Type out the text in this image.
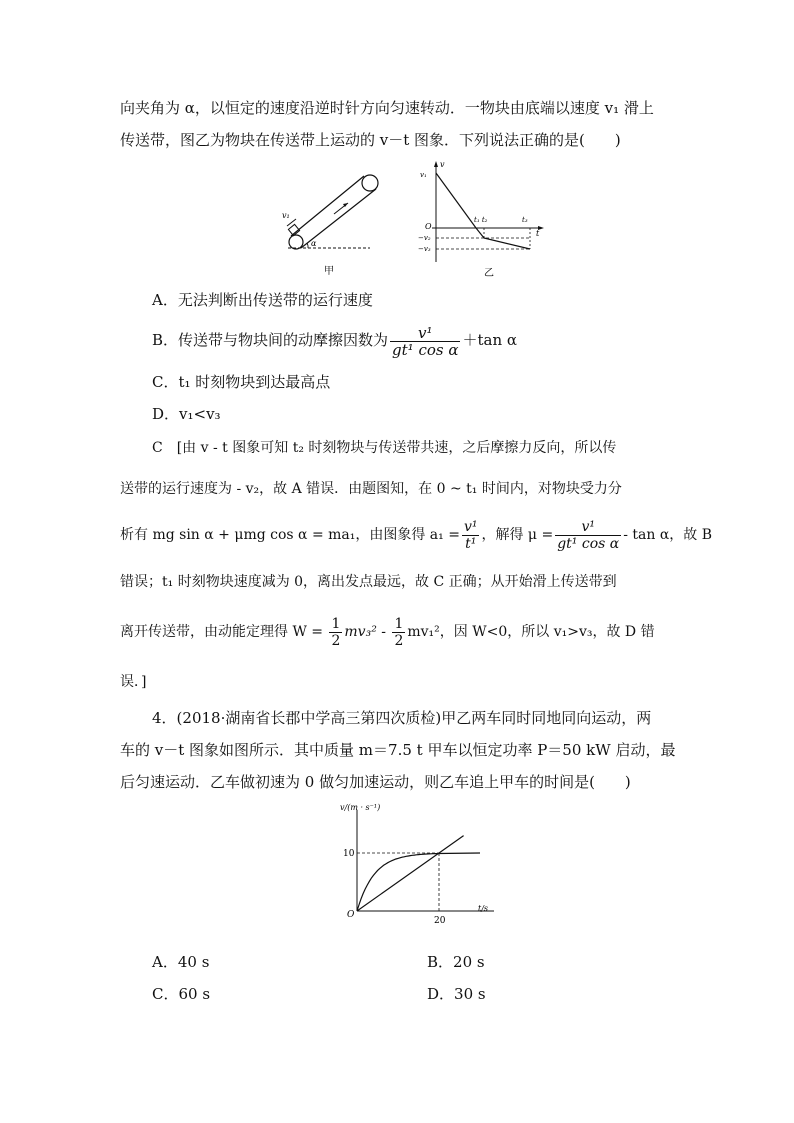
向夹角为 α，以恒定的速度沿逆时针方向匀速转动．一物块由底端以速度 v₁ 滑上
传送带，图乙为物块在传送带上运动的 v－t 图象．下列说法正确的是(　　)
v₁
α
甲
v
t
O
v₁
−v₂
−v₃
t₁ t₂	t₃
乙
A．无法判断出传送带的运行速度
B．传送带与物块间的动摩擦因数为 $\frac{\text{v¹}}{\text{gt¹ cos α}} +\tan$ α
C．t₁ 时刻物块到达最高点
D．v₁<v₃
C　[由 v - t 图象可知 t₂ 时刻物块与传送带共速，之后摩擦力反向，所以传
送带的运行速度为 - v₂，故 A 错误．由题图知，在 0 ~ t₁ 时间内，对物块受力分
析有 mg sin α + μmg cos α = ma₁，由图象得 $a_1 = \frac{\text{v¹}}{\text{t¹}}$ ，解得 $\mu = \frac{\text{v¹}}{\text{gt¹ cos α}} - \tan \alpha$，故 B
错误；t₁ 时刻物块速度减为 0，离出发点最远，故 C 正确；从开始滑上传送带到
离开传送带，由动能定理得 $W = \frac{1}{2} mv_3^2 - \frac{1}{2} mv_1^2$，因 W<0，所以 v₁>v₃，故 D 错
误．]
4．(2018·湖南省长郡中学高三第四次质检)甲乙两车同时同地同向运动，两
车的 v－t 图象如图所示．其中质量 m＝7.5 t 甲车以恒定功率 P＝50 kW 启动，最
后匀速运动．乙车做初速为 0 做匀加速运动，则乙车追上甲车的时间是(　　)
v/(m · s⁻¹)
t/s
O
10
20
A．40 s	B．20 s
C．60 s	D．30 s
